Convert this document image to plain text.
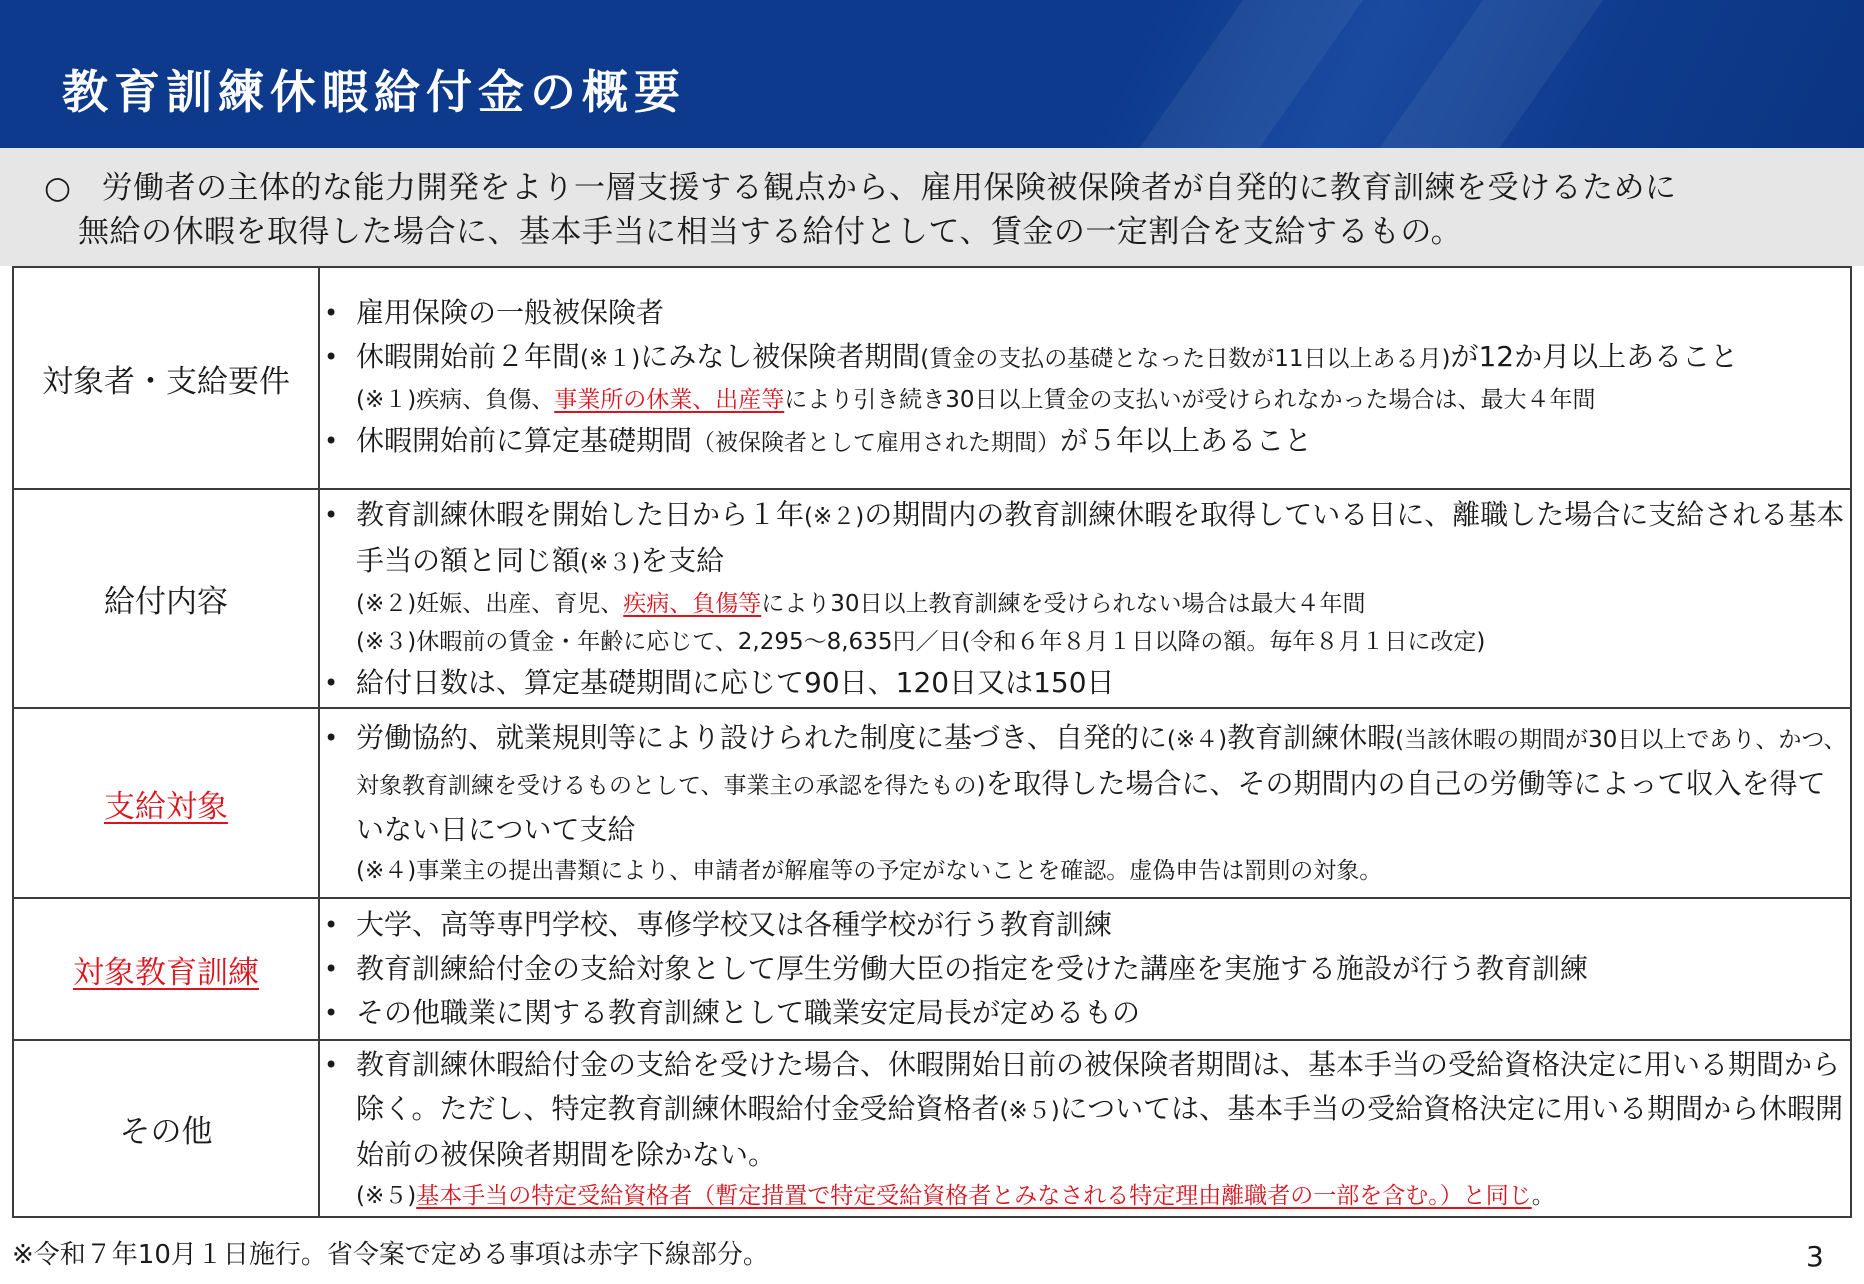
教育訓練休暇給付金の概要
○ 労働者の主体的な能力開発をより一層支援する観点から、雇用保険被保険者が自発的に教育訓練を受けるために
無給の休暇を取得した場合に、基本手当に相当する給付として、賃金の一定割合を支給するもの。
対象者・支給要件	• 雇用保険の一般被保険者
• 休暇開始前２年間(※１)にみなし被保険者期間(賃金の支払の基礎となった日数が11日以上ある月)が12か月以上あること
(※１)疾病、負傷、事業所の休業、出産等により引き続き30日以上賃金の支払いが受けられなかった場合は、最大４年間
• 休暇開始前に算定基礎期間（被保険者として雇用された期間）が５年以上あること

給付内容	• 教育訓練休暇を開始した日から１年(※２)の期間内の教育訓練休暇を取得している日に、離職した場合に支給される基本手当の額と同じ額(※３)を支給
(※２)妊娠、出産、育児、疾病、負傷等により30日以上教育訓練を受けられない場合は最大４年間
(※３)休暇前の賃金・年齢に応じて、2,295～8,635円／日(令和６年８月１日以降の額。毎年８月１日に改定)
• 給付日数は、算定基礎期間に応じて90日、120日又は150日

支給対象	• 労働協約、就業規則等により設けられた制度に基づき、自発的に(※４)教育訓練休暇(当該休暇の期間が30日以上であり、かつ、対象教育訓練を受けるものとして、事業主の承認を得たもの)を取得した場合に、その期間内の自己の労働等によって収入を得ていない日について支給
(※４)事業主の提出書類により、申請者が解雇等の予定がないことを確認。虚偽申告は罰則の対象。

対象教育訓練	• 大学、高等専門学校、専修学校又は各種学校が行う教育訓練
• 教育訓練給付金の支給対象として厚生労働大臣の指定を受けた講座を実施する施設が行う教育訓練
• その他職業に関する教育訓練として職業安定局長が定めるもの

その他	• 教育訓練休暇給付金の支給を受けた場合、休暇開始日前の被保険者期間は、基本手当の受給資格決定に用いる期間から除く。ただし、特定教育訓練休暇給付金受給資格者(※５)については、基本手当の受給資格決定に用いる期間から休暇開始前の被保険者期間を除かない。
(※５)基本手当の特定受給資格者（暫定措置で特定受給資格者とみなされる特定理由離職者の一部を含む。）と同じ。
※令和７年10月１日施行。省令案で定める事項は赤字下線部分。	3
